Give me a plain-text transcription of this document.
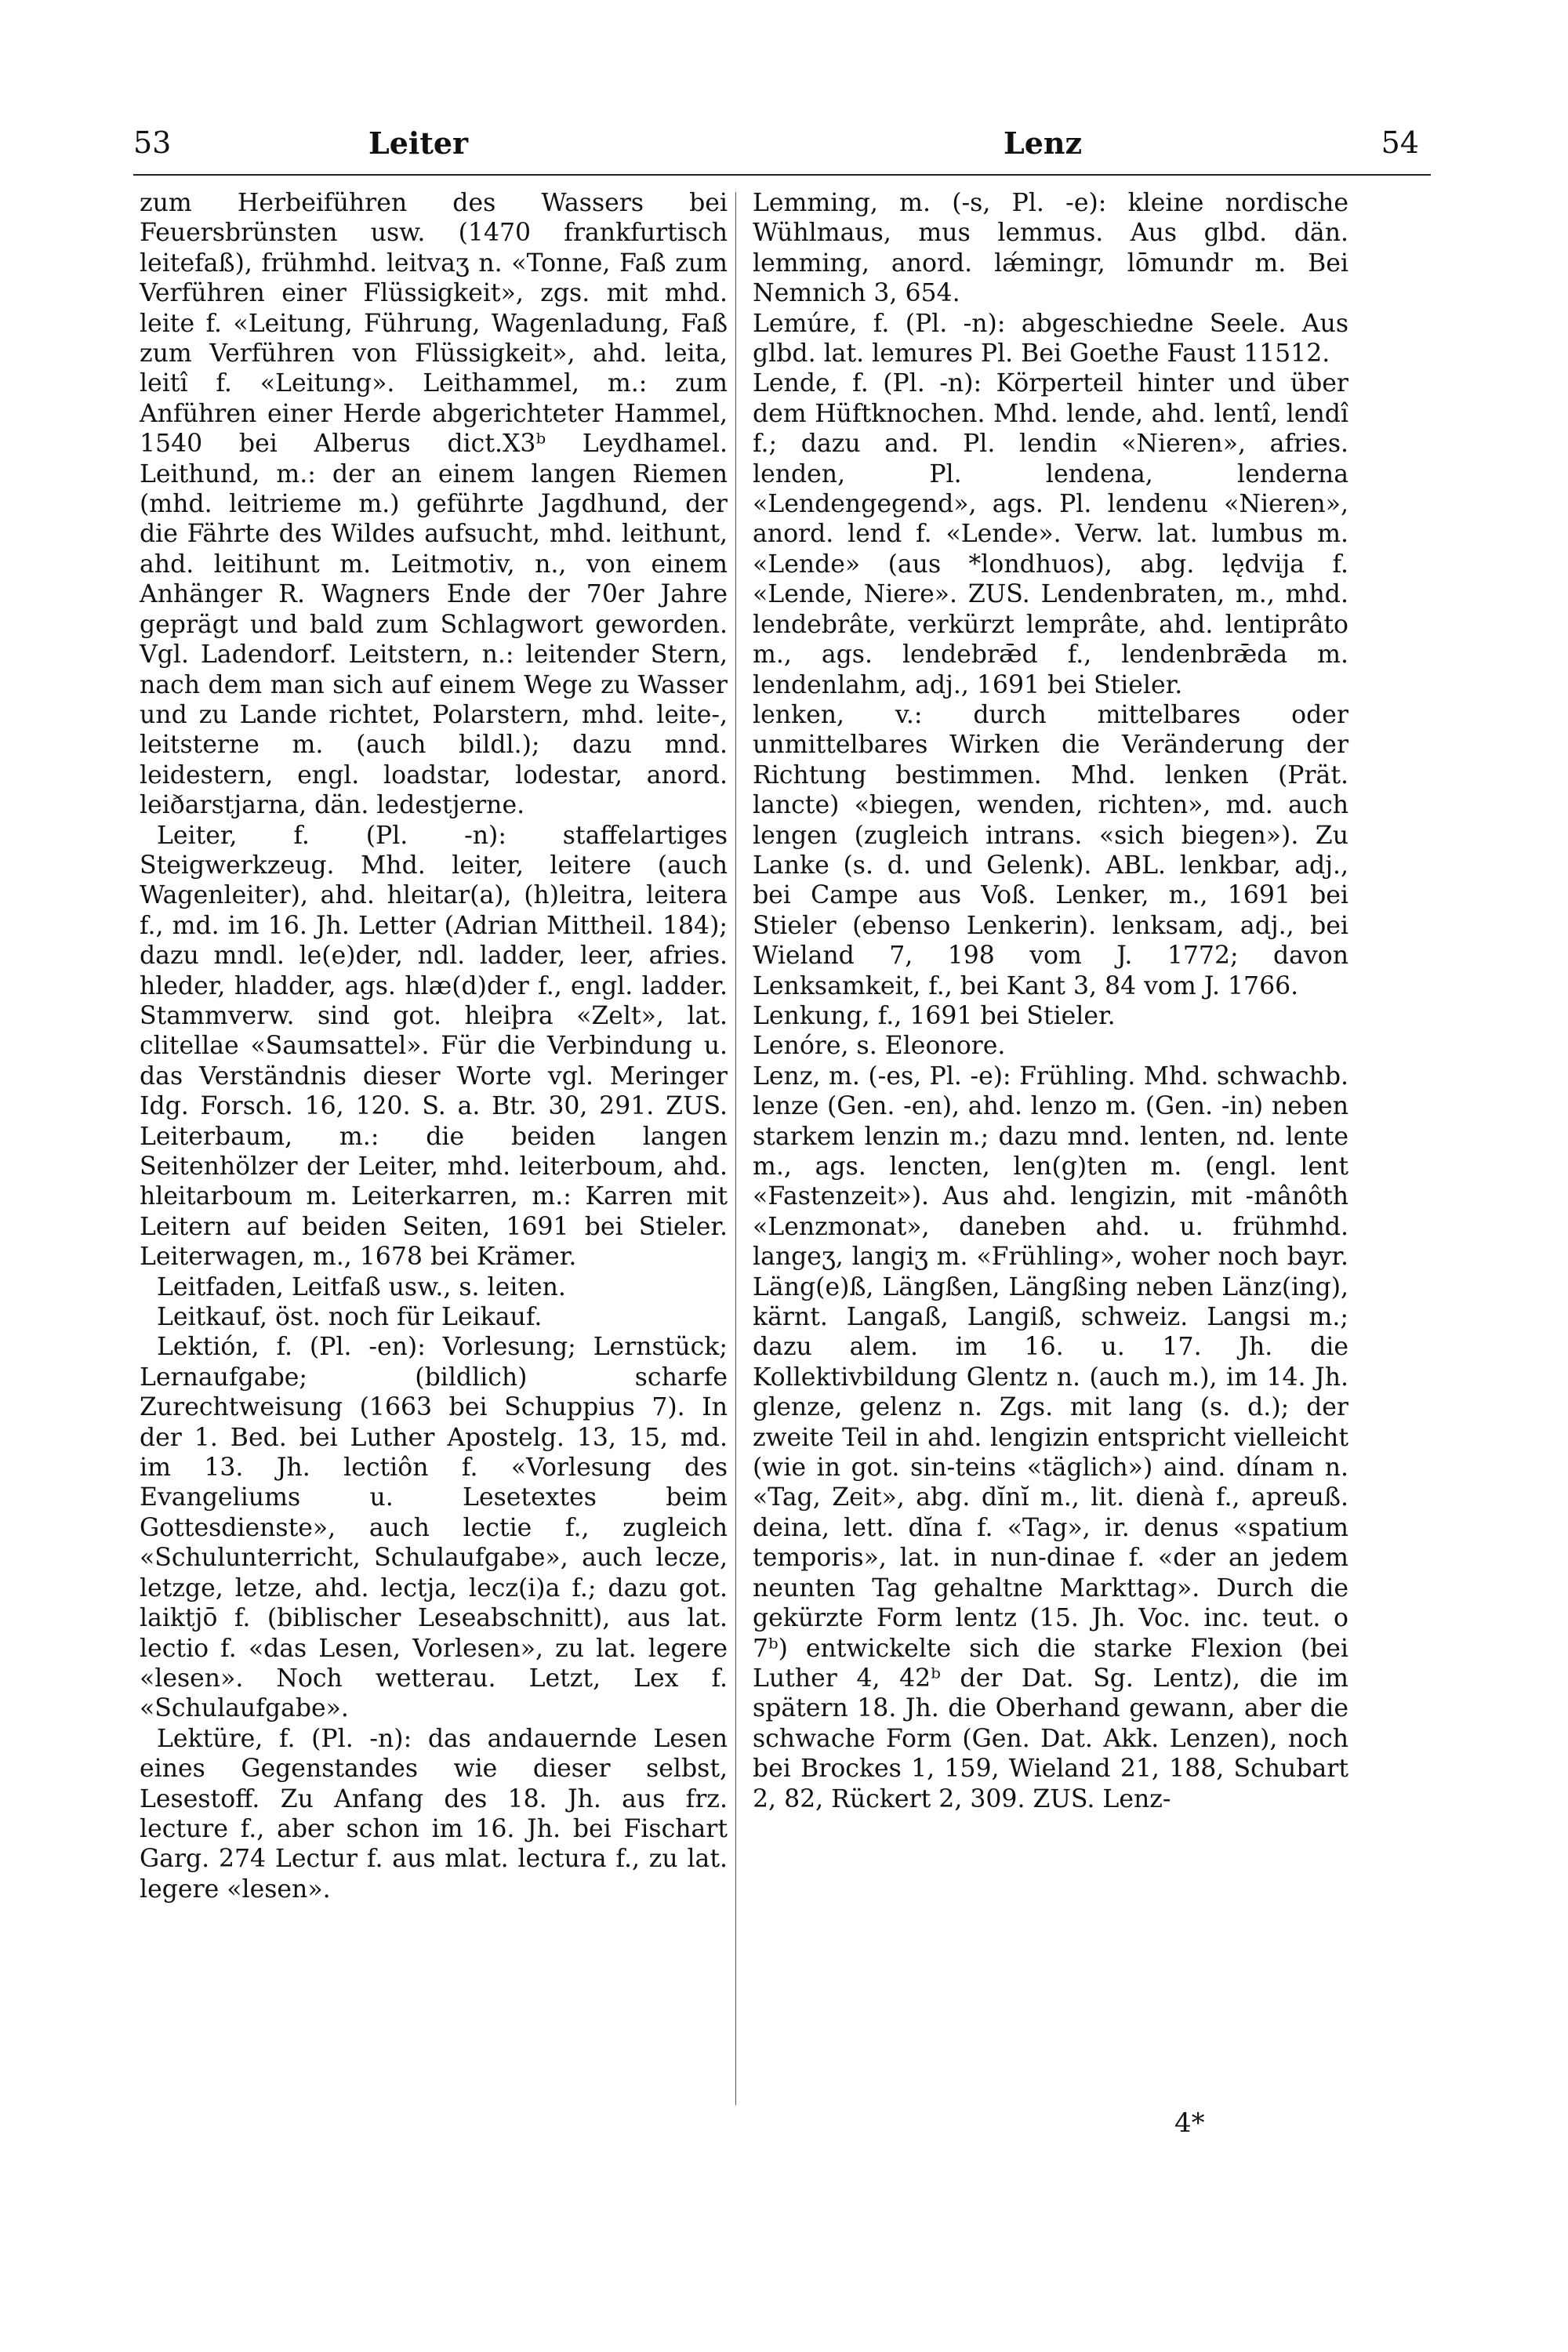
53	Leiter	Lenz	54

zum Herbeiführen des Wassers bei Feuersbrünsten usw. (1470 frankfurtisch leitefaß), frühmhd. leitvaʒ n. «Tonne, Faß zum Verführen einer Flüssigkeit», zgs. mit mhd. leite f. «Leitung, Führung, Wagenladung, Faß zum Verführen von Flüssigkeit», ahd. leita, leitî f. «Leitung». Leithammel, m.: zum Anführen einer Herde abgerichteter Hammel, 1540 bei Alberus dict.X3ᵇ Leydhamel. Leithund, m.: der an einem langen Riemen (mhd. leitrieme m.) geführte Jagdhund, der die Fährte des Wildes aufsucht, mhd. leithunt, ahd. leitihunt m. Leitmotiv, n., von einem Anhänger R. Wagners Ende der 70er Jahre geprägt und bald zum Schlagwort geworden. Vgl. Ladendorf. Leitstern, n.: leitender Stern, nach dem man sich auf einem Wege zu Wasser und zu Lande richtet, Polarstern, mhd. leite-, leitsterne m. (auch bildl.); dazu mnd. leidestern, engl. loadstar, lodestar, anord. leiðarstjarna, dän. ledestjerne.

Leiter, f. (Pl. -n): staffelartiges Steigwerkzeug. Mhd. leiter, leitere (auch Wagenleiter), ahd. hleitar(a), (h)leitra, leitera f., md. im 16. Jh. Letter (Adrian Mittheil. 184); dazu mndl. le(e)der, ndl. ladder, leer, afries. hleder, hladder, ags. hlæ(d)der f., engl. ladder. Stammverw. sind got. hleiþra «Zelt», lat. clitellae «Saumsattel». Für die Verbindung u. das Verständnis dieser Worte vgl. Meringer Idg. Forsch. 16, 120. S. a. Btr. 30, 291. ZUS. Leiterbaum, m.: die beiden langen Seitenhölzer der Leiter, mhd. leiterboum, ahd. hleitarboum m. Leiterkarren, m.: Karren mit Leitern auf beiden Seiten, 1691 bei Stieler. Leiterwagen, m., 1678 bei Krämer.

Leitfaden, Leitfaß usw., s. leiten.

Leitkauf, öst. noch für Leikauf.

Lektión, f. (Pl. -en): Vorlesung; Lernstück; Lernaufgabe; (bildlich) scharfe Zurechtweisung (1663 bei Schuppius 7). In der 1. Bed. bei Luther Apostelg. 13, 15, md. im 13. Jh. lectiôn f. «Vorlesung des Evangeliums u. Lesetextes beim Gottesdienste», auch lectie f., zugleich «Schulunterricht, Schulaufgabe», auch lecze, letzge, letze, ahd. lectja, lecz(i)a f.; dazu got. laiktjō f. (biblischer Leseabschnitt), aus lat. lectio f. «das Lesen, Vorlesen», zu lat. legere «lesen». Noch wetterau. Letzt, Lex f. «Schulaufgabe».

Lektüre, f. (Pl. -n): das andauernde Lesen eines Gegenstandes wie dieser selbst, Lesestoff. Zu Anfang des 18. Jh. aus frz. lecture f., aber schon im 16. Jh. bei Fischart Garg. 274 Lectur f. aus mlat. lectura f., zu lat. legere «lesen».

Lemming, m. (-s, Pl. -e): kleine nordische Wühlmaus, mus lemmus. Aus glbd. dän. lemming, anord. lǽmingr, lōmundr m. Bei Nemnich 3, 654.

Lemúre, f. (Pl. -n): abgeschiedne Seele. Aus glbd. lat. lemures Pl. Bei Goethe Faust 11512.

Lende, f. (Pl. -n): Körperteil hinter und über dem Hüftknochen. Mhd. lende, ahd. lentî, lendî f.; dazu and. Pl. lendin «Nieren», afries. lenden, Pl. lendena, lenderna «Lendengegend», ags. Pl. lendenu «Nieren», anord. lend f. «Lende». Verw. lat. lumbus m. «Lende» (aus *londhuos), abg. lędvija f. «Lende, Niere». ZUS. Lendenbraten, m., mhd. lendebrâte, verkürzt lemprâte, ahd. lentiprâto m., ags. lendebrǣd f., lendenbrǣda m. lendenlahm, adj., 1691 bei Stieler.

lenken, v.: durch mittelbares oder unmittelbares Wirken die Veränderung der Richtung bestimmen. Mhd. lenken (Prät. lancte) «biegen, wenden, richten», md. auch lengen (zugleich intrans. «sich biegen»). Zu Lanke (s. d. und Gelenk). ABL. lenkbar, adj., bei Campe aus Voß. Lenker, m., 1691 bei Stieler (ebenso Lenkerin). lenksam, adj., bei Wieland 7, 198 vom J. 1772; davon Lenksamkeit, f., bei Kant 3, 84 vom J. 1766.

Lenkung, f., 1691 bei Stieler.

Lenóre, s. Eleonore.

Lenz, m. (-es, Pl. -e): Frühling. Mhd. schwachb. lenze (Gen. -en), ahd. lenzo m. (Gen. -in) neben starkem lenzin m.; dazu mnd. lenten, nd. lente m., ags. lencten, len(g)ten m. (engl. lent «Fastenzeit»). Aus ahd. lengizin, mit -mânôth «Lenzmonat», daneben ahd. u. frühmhd. langeʒ, langiʒ m. «Frühling», woher noch bayr. Läng(e)ß, Längßen, Längßing neben Länz(ing), kärnt. Langaß, Langiß, schweiz. Langsi m.; dazu alem. im 16. u. 17. Jh. die Kollektivbildung Glentz n. (auch m.), im 14. Jh. glenze, gelenz n. Zgs. mit lang (s. d.); der zweite Teil in ahd. lengizin entspricht vielleicht (wie in got. sin-teins «täglich») aind. dínam n. «Tag, Zeit», abg. dĭnĭ m., lit. dienà f., apreuß. deina, lett. dĭna f. «Tag», ir. denus «spatium temporis», lat. in nun-dinae f. «der an jedem neunten Tag gehaltne Markttag». Durch die gekürzte Form lentz (15. Jh. Voc. inc. teut. o 7ᵇ) entwickelte sich die starke Flexion (bei Luther 4, 42ᵇ der Dat. Sg. Lentz), die im spätern 18. Jh. die Oberhand gewann, aber die schwache Form (Gen. Dat. Akk. Lenzen), noch bei Brockes 1, 159, Wieland 21, 188, Schubart 2, 82, Rückert 2, 309. ZUS. Lenz-

4*
